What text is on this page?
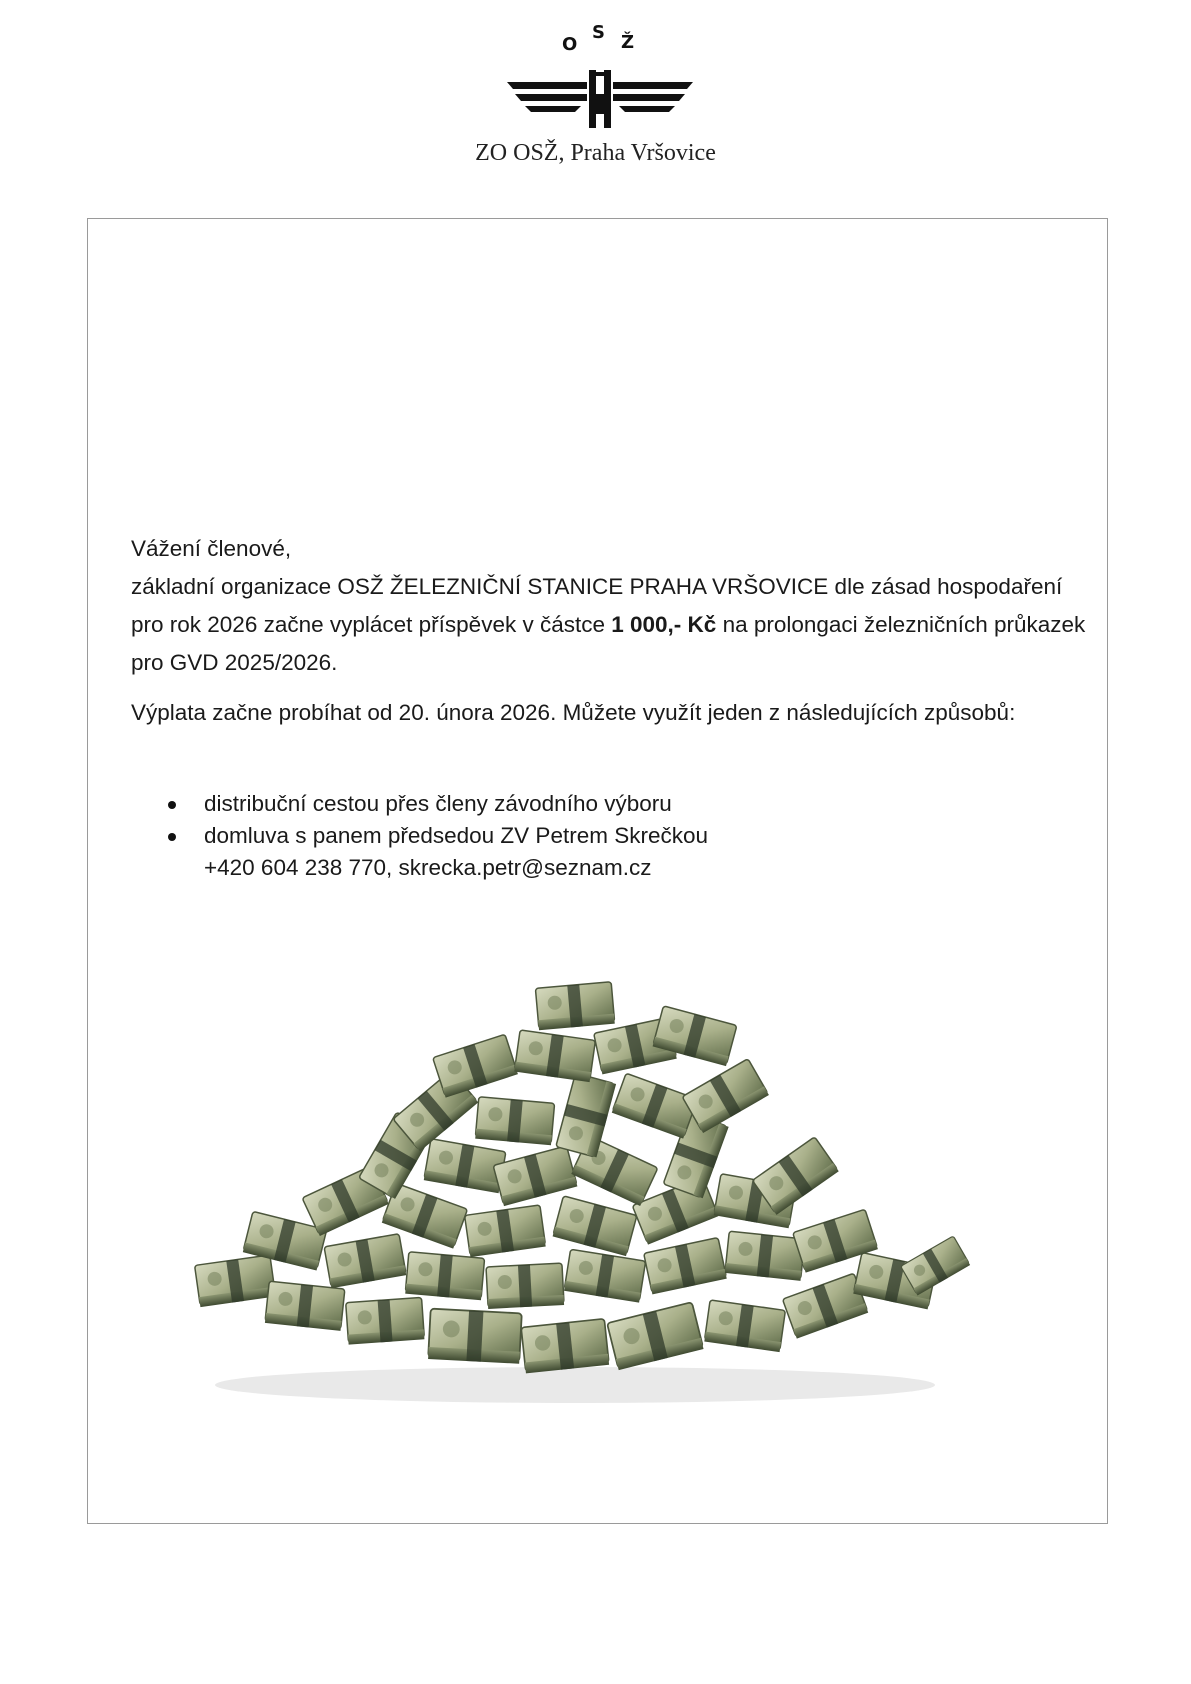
O
S Ž
ZO OSŽ, Praha Vršovice

Vážení členové,

základní organizace OSŽ ŽELEZNIČNÍ STANICE PRAHA VRŠOVICE dle zásad hospodaření pro rok 2026 začne vyplácet příspěvek v částce 1 000,- Kč na prolongaci železničních průkazek pro GVD 2025/2026.

Výplata začne probíhat od 20. února 2026. Můžete využít jeden z následujících způsobů:

distribuční cestou přes členy závodního výboru
domluva s panem předsedou ZV Petrem Skrečkou
+420 604 238 770, skrecka.petr@seznam.cz
